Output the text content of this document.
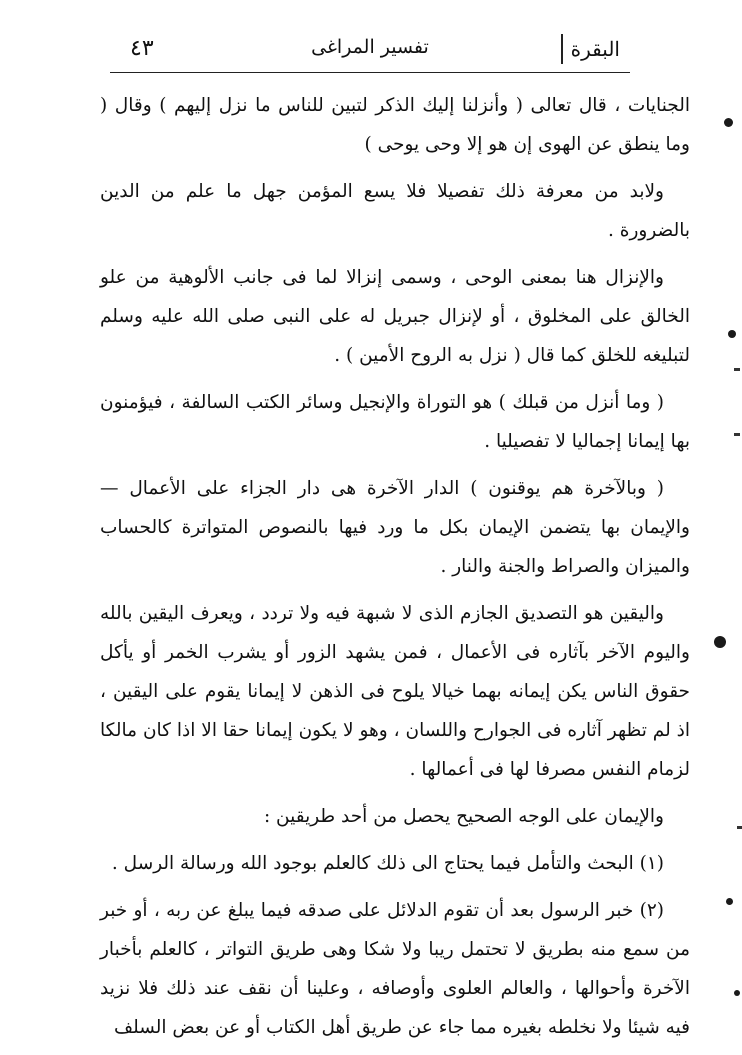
٤٣	تفسير المراغى	البقرة

الجنايات ، قال تعالى ( وأنزلنا إليك الذكر لتبين للناس ما نزل إليهم ) وقال ( وما ينطق عن الهوى إن هو إلا وحى يوحى )

ولابد من معرفة ذلك تفصيلا فلا يسع المؤمن جهل ما علم من الدين بالضرورة .

والإنزال هنا بمعنى الوحى ، وسمى إنزالا لما فى جانب الألوهية من علو الخالق على المخلوق ، أو لإنزال جبريل له على النبى صلى الله عليه وسلم لتبليغه للخلق كما قال ( نزل به الروح الأمين ) .

( وما أنزل من قبلك ) هو التوراة والإنجيل وسائر الكتب السالفة ، فيؤمنون بها إيمانا إجماليا لا تفصيليا .

( وبالآخرة هم يوقنون ) الدار الآخرة هى دار الجزاء على الأعمال — والإيمان بها يتضمن الإيمان بكل ما ورد فيها بالنصوص المتواترة كالحساب والميزان والصراط والجنة والنار .

واليقين هو التصديق الجازم الذى لا شبهة فيه ولا تردد ، ويعرف اليقين بالله واليوم الآخر بآثاره فى الأعمال ، فمن يشهد الزور أو يشرب الخمر أو يأكل حقوق الناس يكن إيمانه بهما خيالا يلوح فى الذهن لا إيمانا يقوم على اليقين ، اذ لم تظهر آثاره فى الجوارح واللسان ، وهو لا يكون إيمانا حقا الا اذا كان مالكا لزمام النفس مصرفا لها فى أعمالها .

والإيمان على الوجه الصحيح يحصل من أحد طريقين :

(١) البحث والتأمل فيما يحتاج الى ذلك كالعلم بوجود الله ورسالة الرسل .

(٢) خبر الرسول بعد أن تقوم الدلائل على صدقه فيما يبلغ عن ربه ، أو خبر من سمع منه بطريق لا تحتمل ريبا ولا شكا وهى طريق التواتر ، كالعلم بأخبار الآخرة وأحوالها ، والعالم العلوى وأوصافه ، وعلينا أن نقف عند ذلك فلا نزيد فيه شيئا ولا نخلطه بغيره مما جاء عن طريق أهل الكتاب أو عن بعض السلف
